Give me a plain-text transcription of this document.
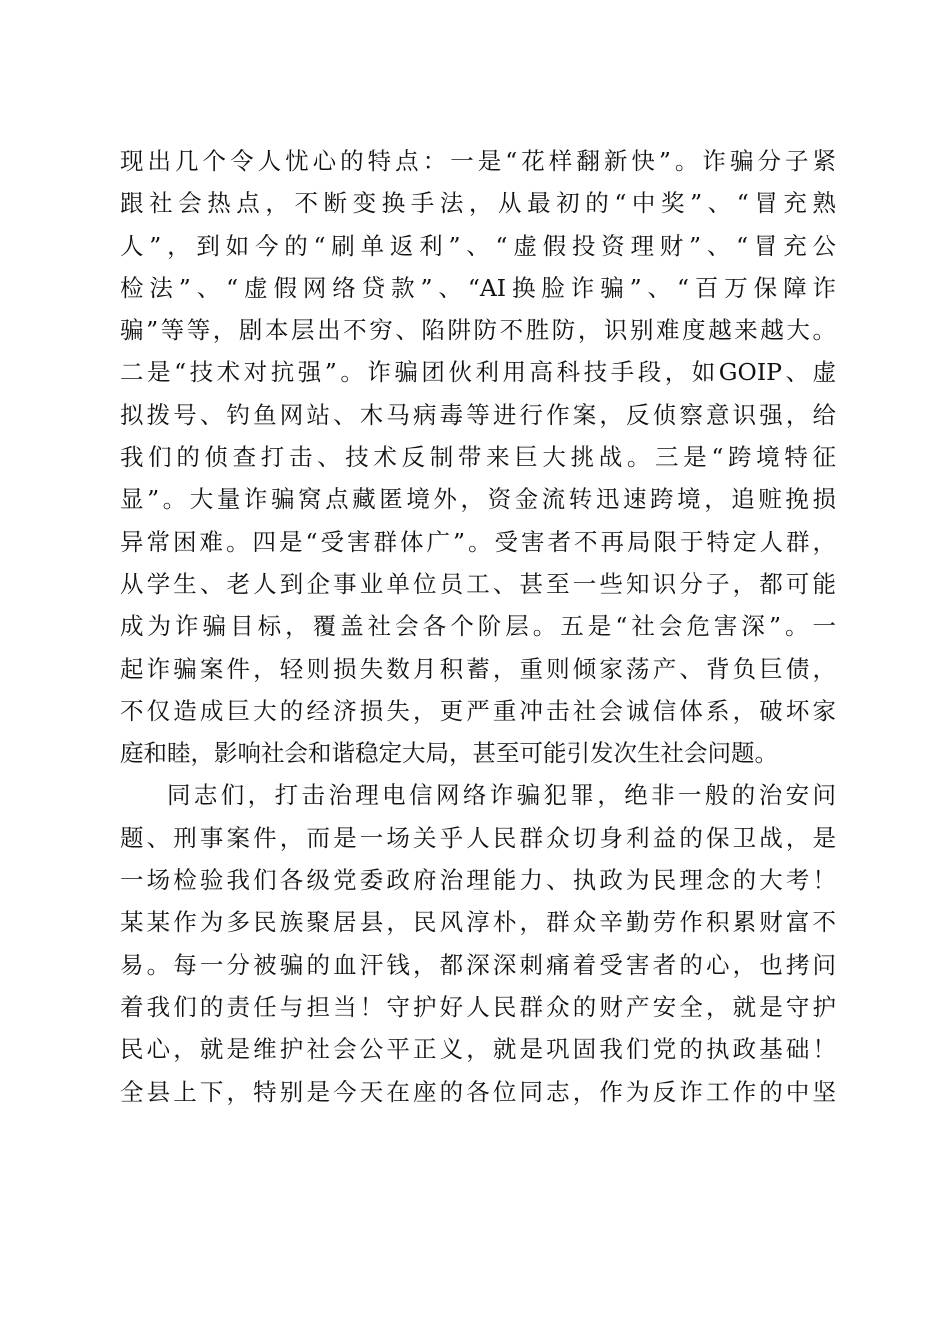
现出几个令人忧心的特点：一是“花样翻新快”。诈骗分子紧
跟社会热点，不断变换手法，从最初的“中奖”、“冒充熟
人”，到如今的“刷单返利”、“虚假投资理财”、“冒充公
检法”、“虚假网络贷款”、“AI换脸诈骗”、“百万保障诈
骗”等等，剧本层出不穷、陷阱防不胜防，识别难度越来越大。
二是“技术对抗强”。诈骗团伙利用高科技手段，如GOIP、虚
拟拨号、钓鱼网站、木马病毒等进行作案，反侦察意识强，给
我们的侦查打击、技术反制带来巨大挑战。三是“跨境特征
显”。大量诈骗窝点藏匿境外，资金流转迅速跨境，追赃挽损
异常困难。四是“受害群体广”。受害者不再局限于特定人群，
从学生、老人到企事业单位员工、甚至一些知识分子，都可能
成为诈骗目标，覆盖社会各个阶层。五是“社会危害深”。一
起诈骗案件，轻则损失数月积蓄，重则倾家荡产、背负巨债，
不仅造成巨大的经济损失，更严重冲击社会诚信体系，破坏家
庭和睦，影响社会和谐稳定大局，甚至可能引发次生社会问题。
同志们，打击治理电信网络诈骗犯罪，绝非一般的治安问
题、刑事案件，而是一场关乎人民群众切身利益的保卫战，是
一场检验我们各级党委政府治理能力、执政为民理念的大考！
某某作为多民族聚居县，民风淳朴，群众辛勤劳作积累财富不
易。每一分被骗的血汗钱，都深深刺痛着受害者的心，也拷问
着我们的责任与担当！守护好人民群众的财产安全，就是守护
民心，就是维护社会公平正义，就是巩固我们党的执政基础！
全县上下，特别是今天在座的各位同志，作为反诈工作的中坚
